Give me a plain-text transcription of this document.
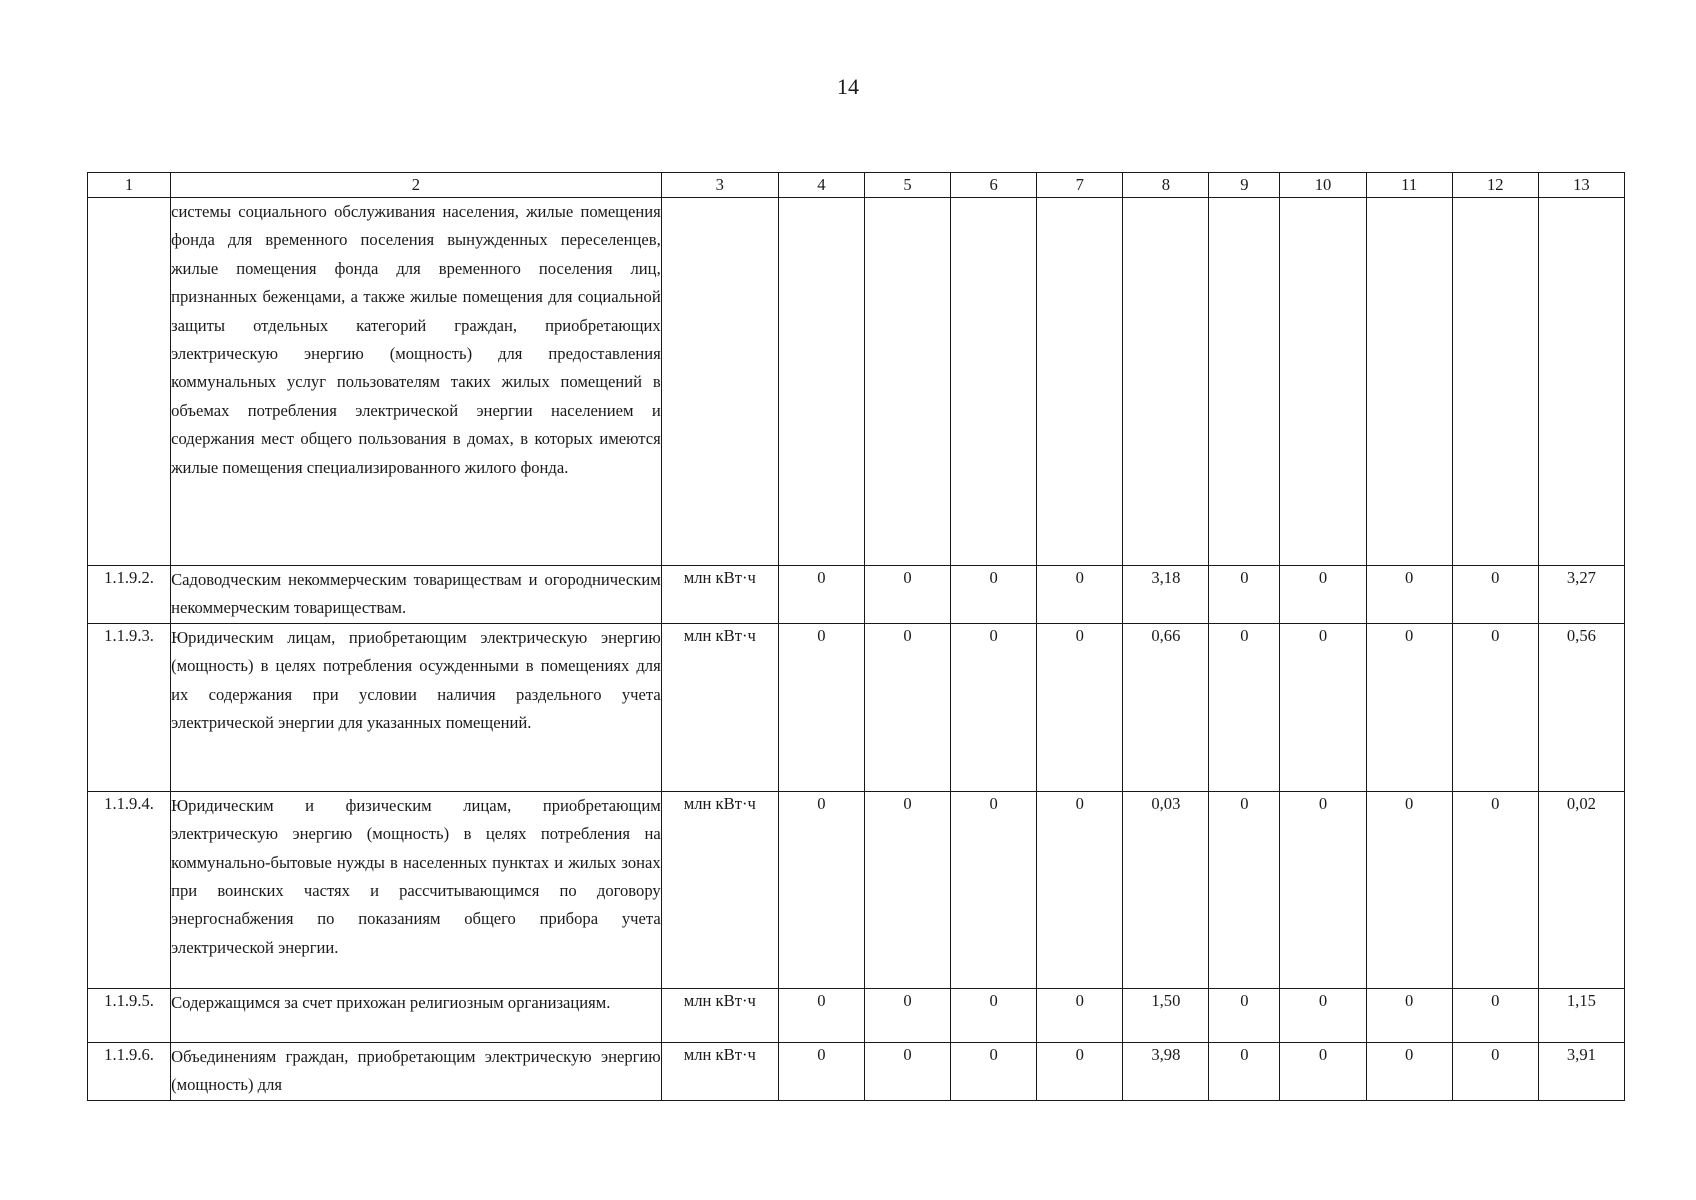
14
1	2	3	4	5	6	7	8	9	10	11	12	13
	системы социального обслуживания населения, жилые помещения фонда для временного поселения вынужденных переселенцев, жилые помещения фонда для временного поселения лиц, признанных беженцами, а также жилые помещения для социальной защиты отдельных категорий граждан, приобретающих электрическую энергию (мощность) для предоставления коммунальных услуг пользователям таких жилых помещений в объемах потребления электрической энергии населением и содержания мест общего пользования в домах, в которых имеются жилые помещения специализированного жилого фонда.											
1.1.9.2.	Садоводческим некоммерческим товариществам и огородническим некоммерческим товариществам.	млн кВт·ч	0	0	0	0	3,18	0	0	0	0	3,27
1.1.9.3.	Юридическим лицам, приобретающим электрическую энергию (мощность) в целях потребления осужденными в помещениях для их содержания при условии наличия раздельного учета электрической энергии для указанных помещений.	млн кВт·ч	0	0	0	0	0,66	0	0	0	0	0,56
1.1.9.4.	Юридическим и физическим лицам, приобретающим электрическую энергию (мощность) в целях потребления на коммунально-бытовые нужды в населенных пунктах и жилых зонах при воинских частях и рассчитывающимся по договору энергоснабжения по показаниям общего прибора учета электрической энергии.	млн кВт·ч	0	0	0	0	0,03	0	0	0	0	0,02
1.1.9.5.	Содержащимся за счет прихожан религиозным организациям.	млн кВт·ч	0	0	0	0	1,50	0	0	0	0	1,15
1.1.9.6.	Объединениям граждан, приобретающим электрическую энергию (мощность) для	млн кВт·ч	0	0	0	0	3,98	0	0	0	0	3,91
